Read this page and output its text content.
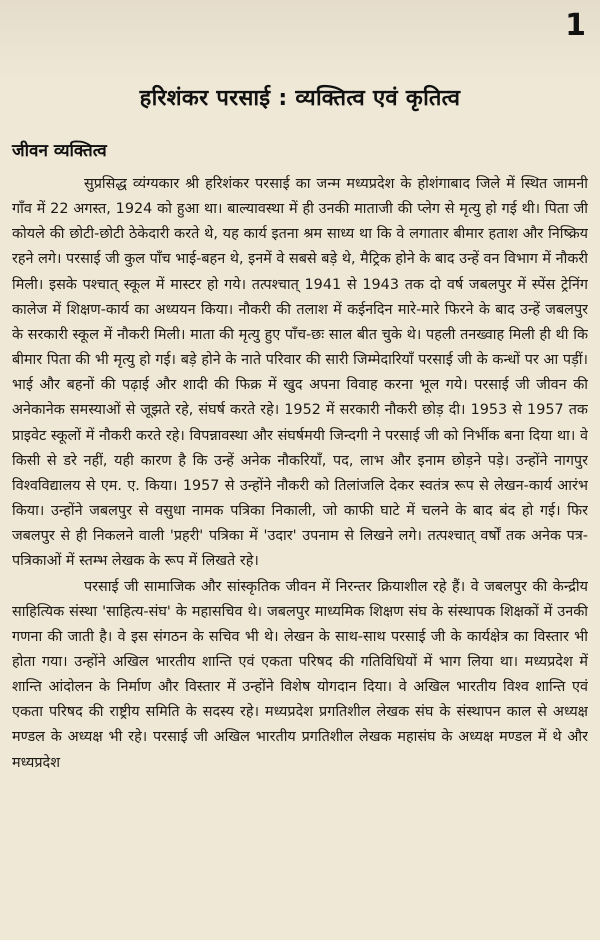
1
हरिशंकर परसाई : व्यक्तित्व एवं कृतित्व
जीवन व्यक्तित्व

सुप्रसिद्ध व्यंग्यकार श्री हरिशंकर परसाई का जन्म मध्यप्रदेश के होशंगाबाद जिले में स्थित जामनी गाँव में 22 अगस्त, 1924 को हुआ था। बाल्यावस्था में ही उनकी माताजी की प्लेग से मृत्यु हो गई थी। पिता जी कोयले की छोटी-छोटी ठेकेदारी करते थे, यह कार्य इतना श्रम साध्य था कि वे लगातार बीमार हताश और निष्क्रिय रहने लगे। परसाई जी कुल पाँच भाई-बहन थे, इनमें वे सबसे बड़े थे, मैट्रिक होने के बाद उन्हें वन विभाग में नौकरी मिली। इसके पश्चात् स्कूल में मास्टर हो गये। तत्पश्चात् 1941 से 1943 तक दो वर्ष जबलपुर में स्पेंस ट्रेनिंग कालेज में शिक्षण-कार्य का अध्ययन किया। नौकरी की तलाश में कईनदिन मारे-मारे फिरने के बाद उन्हें जबलपुर के सरकारी स्कूल में नौकरी मिली। माता की मृत्यु हुए पाँच-छः साल बीत चुके थे। पहली तनख्वाह मिली ही थी कि बीमार पिता की भी मृत्यु हो गई। बड़े होने के नाते परिवार की सारी जिम्मेदारियाँ परसाई जी के कन्धों पर आ पड़ीं। भाई और बहनों की पढ़ाई और शादी की फिक्र में खुद अपना विवाह करना भूल गये। परसाई जी जीवन की अनेकानेक समस्याओं से जूझते रहे, संघर्ष करते रहे। 1952 में सरकारी नौकरी छोड़ दी। 1953 से 1957 तक प्राइवेट स्कूलों में नौकरी करते रहे। विपन्नावस्था और संघर्षमयी जिन्दगी ने परसाई जी को निर्भीक बना दिया था। वे किसी से डरे नहीं, यही कारण है कि उन्हें अनेक नौकरियाँ, पद, लाभ और इनाम छोड़ने पड़े। उन्होंने नागपुर विश्वविद्यालय से एम. ए. किया। 1957 से उन्होंने नौकरी को तिलांजलि देकर स्वतंत्र रूप से लेखन-कार्य आरंभ किया। उन्होंने जबलपुर से वसुधा नामक पत्रिका निकाली, जो काफी घाटे में चलने के बाद बंद हो गई। फिर जबलपुर से ही निकलने वाली 'प्रहरी' पत्रिका में 'उदार' उपनाम से लिखने लगे। तत्पश्चात् वर्षों तक अनेक पत्र-पत्रिकाओं में स्तम्भ लेखक के रूप में लिखते रहे।

परसाई जी सामाजिक और सांस्कृतिक जीवन में निरन्तर क्रियाशील रहे हैं। वे जबलपुर की केन्द्रीय साहित्यिक संस्था 'साहित्य-संघ' के महासचिव थे। जबलपुर माध्यमिक शिक्षण संघ के संस्थापक शिक्षकों में उनकी गणना की जाती है। वे इस संगठन के सचिव भी थे। लेखन के साथ-साथ परसाई जी के कार्यक्षेत्र का विस्तार भी होता गया। उन्होंने अखिल भारतीय शान्ति एवं एकता परिषद की गतिविधियों में भाग लिया था। मध्यप्रदेश में शान्ति आंदोलन के निर्माण और विस्तार में उन्होंने विशेष योगदान दिया। वे अखिल भारतीय विश्व शान्ति एवं एकता परिषद की राष्ट्रीय समिति के सदस्य रहे। मध्यप्रदेश प्रगतिशील लेखक संघ के संस्थापन काल से अध्यक्ष मण्डल के अध्यक्ष भी रहे। परसाई जी अखिल भारतीय प्रगतिशील लेखक महासंघ के अध्यक्ष मण्डल में थे और मध्यप्रदेश
